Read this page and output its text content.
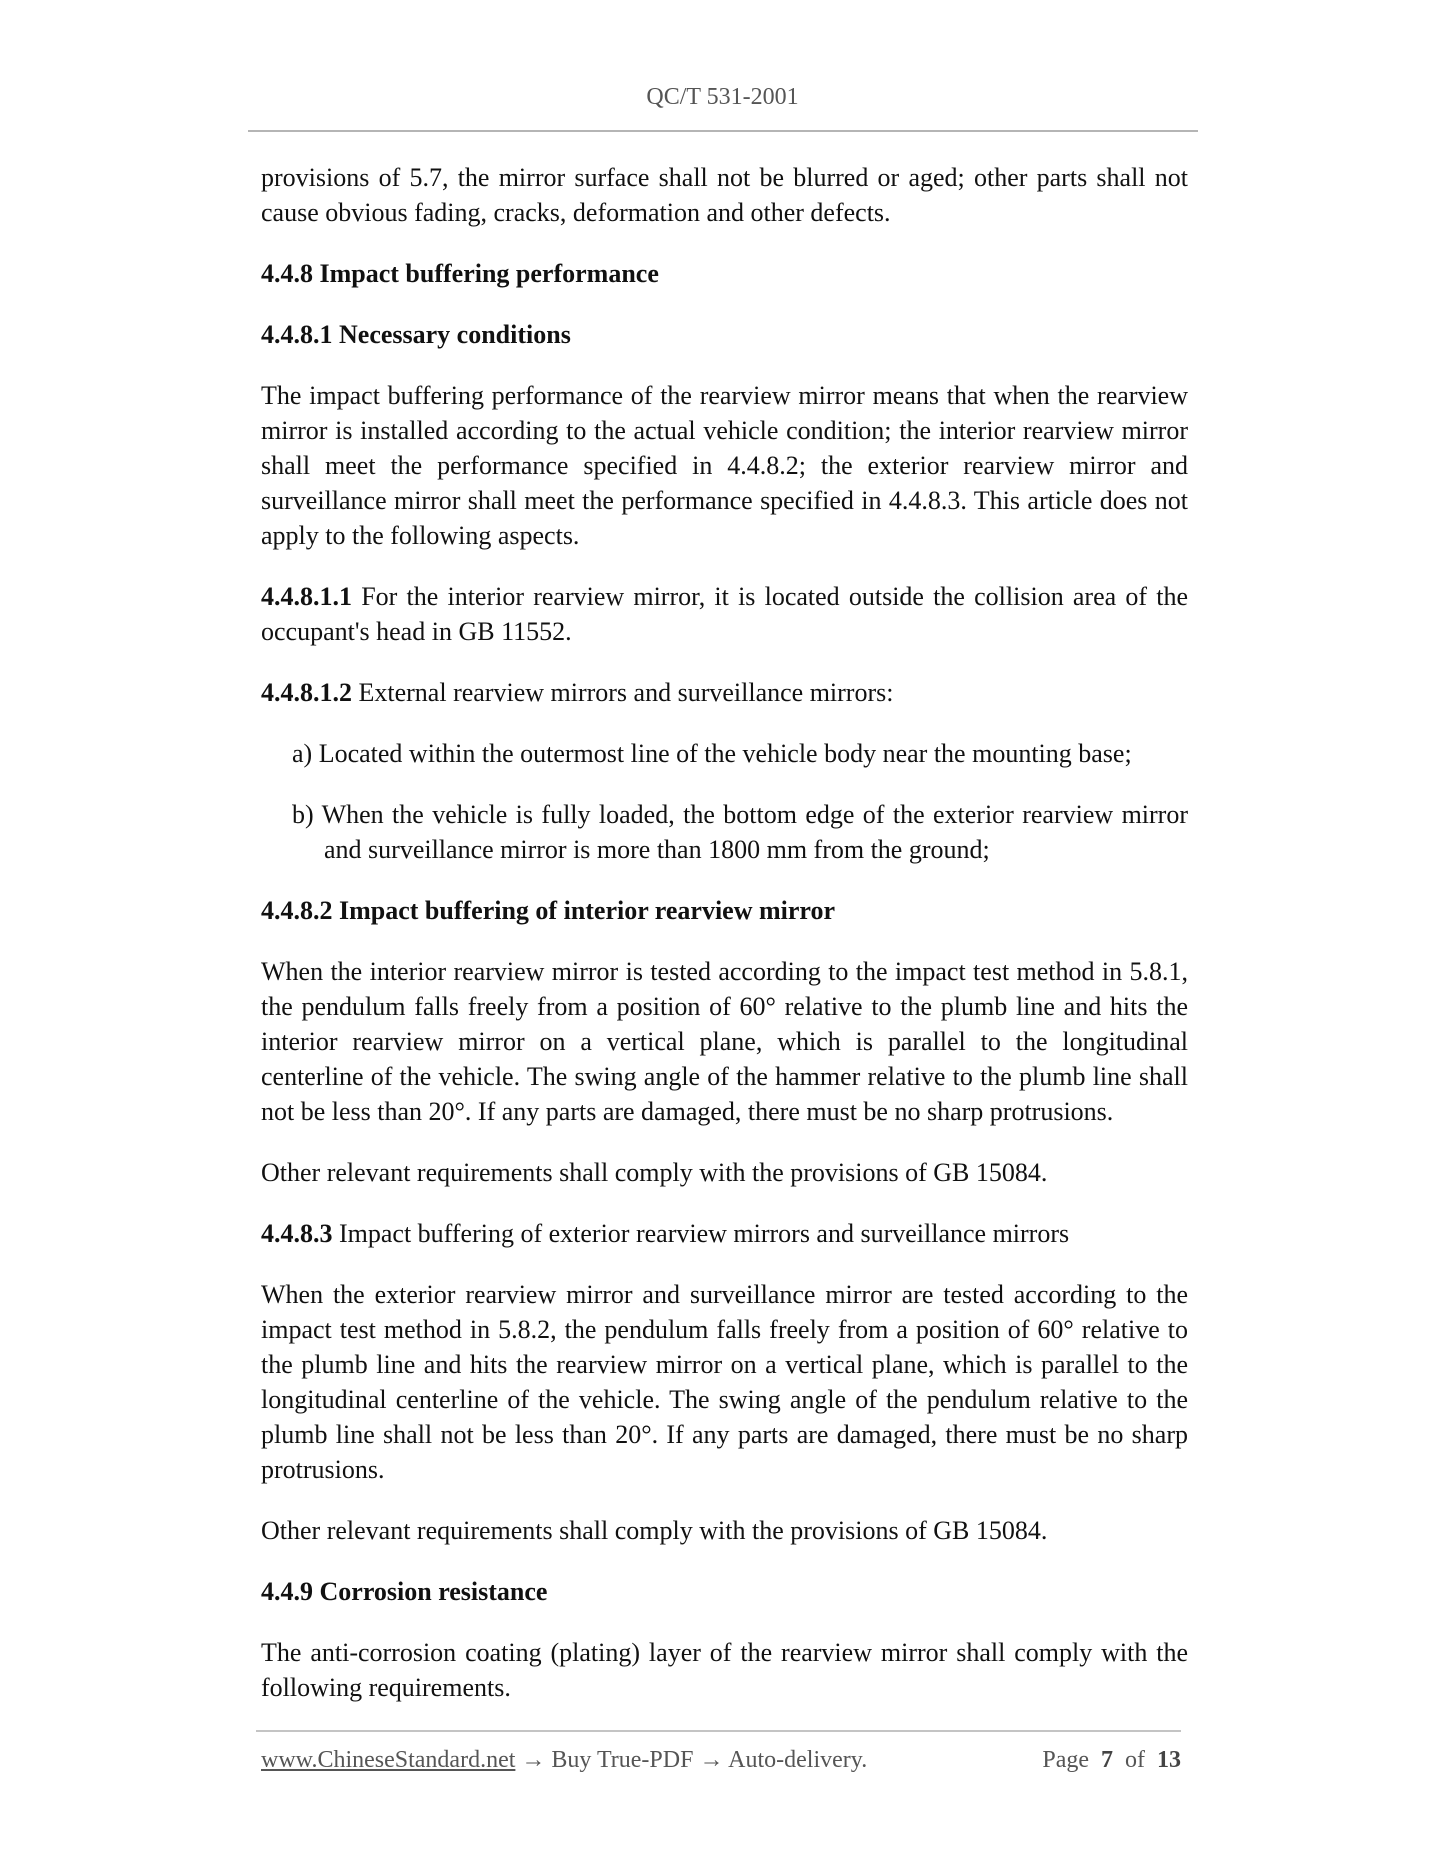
QC/T 531-2001

provisions of 5.7, the mirror surface shall not be blurred or aged; other parts shall not cause obvious fading, cracks, deformation and other defects.

4.4.8 Impact buffering performance

4.4.8.1 Necessary conditions

The impact buffering performance of the rearview mirror means that when the rearview mirror is installed according to the actual vehicle condition; the interior rearview mirror shall meet the performance specified in 4.4.8.2; the exterior rearview mirror and surveillance mirror shall meet the performance specified in 4.4.8.3. This article does not apply to the following aspects.

4.4.8.1.1 For the interior rearview mirror, it is located outside the collision area of the occupant's head in GB 11552.

4.4.8.1.2 External rearview mirrors and surveillance mirrors:

a) Located within the outermost line of the vehicle body near the mounting base;

b) When the vehicle is fully loaded, the bottom edge of the exterior rearview mirror and surveillance mirror is more than 1800 mm from the ground;

4.4.8.2 Impact buffering of interior rearview mirror

When the interior rearview mirror is tested according to the impact test method in 5.8.1, the pendulum falls freely from a position of 60° relative to the plumb line and hits the interior rearview mirror on a vertical plane, which is parallel to the longitudinal centerline of the vehicle. The swing angle of the hammer relative to the plumb line shall not be less than 20°. If any parts are damaged, there must be no sharp protrusions.

Other relevant requirements shall comply with the provisions of GB 15084.

4.4.8.3 Impact buffering of exterior rearview mirrors and surveillance mirrors

When the exterior rearview mirror and surveillance mirror are tested according to the impact test method in 5.8.2, the pendulum falls freely from a position of 60° relative to the plumb line and hits the rearview mirror on a vertical plane, which is parallel to the longitudinal centerline of the vehicle. The swing angle of the pendulum relative to the plumb line shall not be less than 20°. If any parts are damaged, there must be no sharp protrusions.

Other relevant requirements shall comply with the provisions of GB 15084.

4.4.9 Corrosion resistance

The anti-corrosion coating (plating) layer of the rearview mirror shall comply with the following requirements.

www.ChineseStandard.net → Buy True-PDF → Auto-delivery.	Page 7 of 13
